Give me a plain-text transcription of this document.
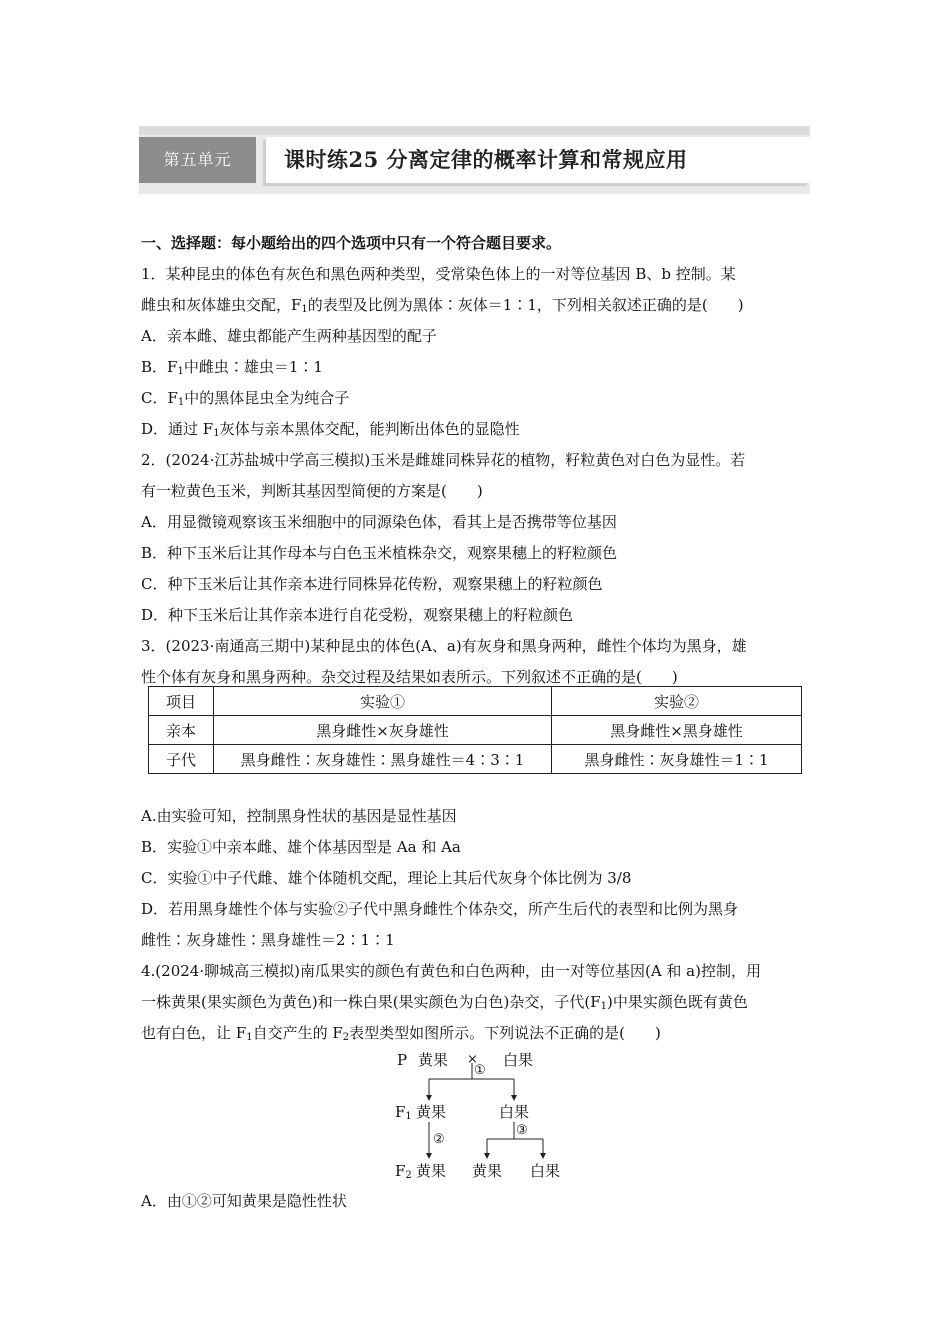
第五单元	课时练25 分离定律的概率计算和常规应用
一、选择题：每小题给出的四个选项中只有一个符合题目要求。
1．某种昆虫的体色有灰色和黑色两种类型，受常染色体上的一对等位基因 B、b 控制。某
雌虫和灰体雄虫交配，$F_1$的表型及比例为黑体∶灰体＝1∶1，下列相关叙述正确的是(　　)
A．亲本雌、雄虫都能产生两种基因型的配子
B．$F_1$中雌虫∶雄虫＝1∶1
C．$F_1$中的黑体昆虫全为纯合子
D．通过 $F_1$灰体与亲本黑体交配，能判断出体色的显隐性
2．(2024·江苏盐城中学高三模拟)玉米是雌雄同株异花的植物，籽粒黄色对白色为显性。若
有一粒黄色玉米，判断其基因型简便的方案是(　　)
A．用显微镜观察该玉米细胞中的同源染色体，看其上是否携带等位基因
B．种下玉米后让其作母本与白色玉米植株杂交，观察果穗上的籽粒颜色
C．种下玉米后让其作亲本进行同株异花传粉，观察果穗上的籽粒颜色
D．种下玉米后让其作亲本进行自花受粉，观察果穗上的籽粒颜色
3．(2023·南通高三期中)某种昆虫的体色(A、a)有灰身和黑身两种，雌性个体均为黑身，雄
性个体有灰身和黑身两种。杂交过程及结果如表所示。下列叙述不正确的是(　　)
项目	实验①	实验②
亲本	黑身雌性×灰身雄性	黑身雌性×黑身雄性
子代	黑身雌性∶灰身雄性∶黑身雄性＝4∶3∶1	黑身雌性∶灰身雄性＝1∶1
A.由实验可知，控制黑身性状的基因是显性基因
B．实验①中亲本雌、雄个体基因型是 Aa 和 Aa
C．实验①中子代雌、雄个体随机交配，理论上其后代灰身个体比例为 3/8
D．若用黑身雄性个体与实验②子代中黑身雌性个体杂交，所产生后代的表型和比例为黑身
雌性∶灰身雄性∶黑身雄性＝2∶1∶1
4.(2024·聊城高三模拟)南瓜果实的颜色有黄色和白色两种，由一对等位基因(A 和 a)控制，用
一株黄果(果实颜色为黄色)和一株白果(果实颜色为白色)杂交，子代$(F_1)$中果实颜色既有黄色
也有白色，让 $F_1$自交产生的 $F_2$表型类型如图所示。下列说法不正确的是(　　)
P 黄果 × 白果
①
$F_1$ 黄果	白果
②
③
$F_2$ 黄果 黄果 白果
A．由①②可知黄果是隐性性状
